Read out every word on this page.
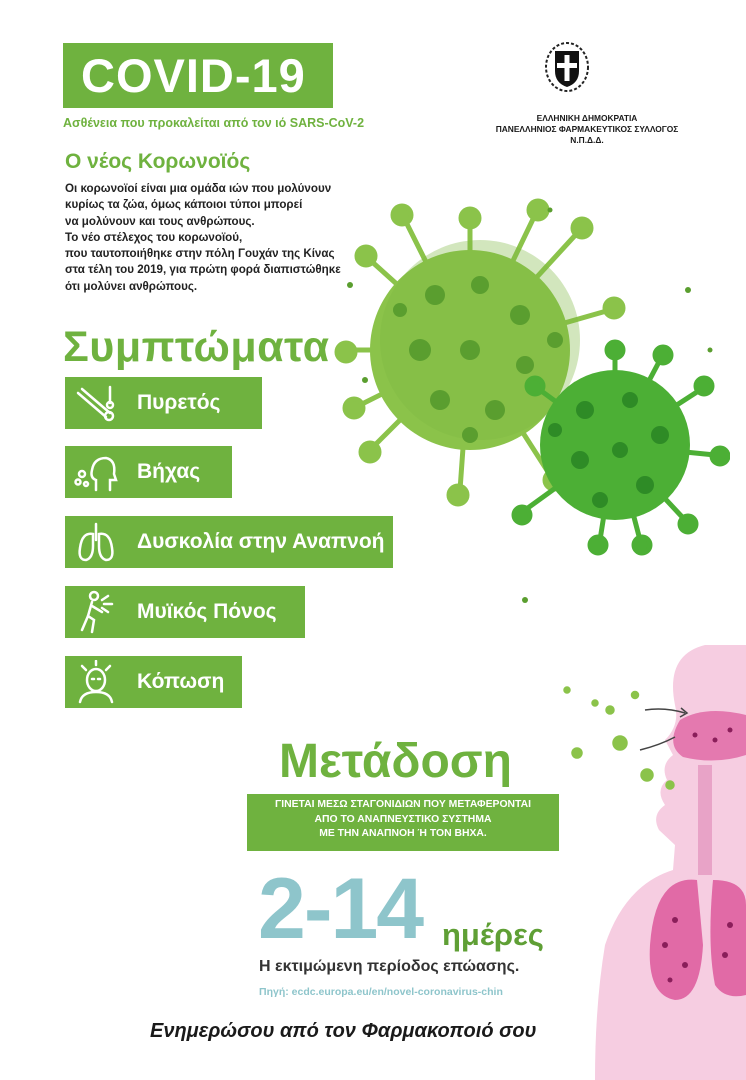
COVID-19
Ασθένεια που προκαλείται από τον ιό SARS-CoV-2	ΕΛΛΗΝΙΚΗ ΔΗΜΟΚΡΑΤΙΑ
ΠΑΝΕΛΛΗΝΙΟΣ ΦΑΡΜΑΚΕΥΤΙΚΟΣ ΣΥΛΛΟΓΟΣ
Ν.Π.Δ.Δ.
Ο νέος Κορωνοϊός
Οι κορωνοϊοί είναι μια ομάδα ιών που μολύνουν
κυρίως τα ζώα, όμως κάποιοι τύποι μπορεί
να μολύνουν και τους ανθρώπους.
Το νέο στέλεχος του κορωνοϊού,
που ταυτοποιήθηκε στην πόλη Γουχάν της Κίνας
στα τέλη του 2019, για πρώτη φορά διαπιστώθηκε
ότι μολύνει ανθρώπους.
Συμπτώματα
Πυρετός
Βήχας
Δυσκολία στην Αναπνοή
Μυϊκός Πόνος
Κόπωση
Μετάδοση
ΓΙΝΕΤΑΙ ΜΕΣΩ ΣΤΑΓΟΝΙΔΙΩΝ ΠΟΥ ΜΕΤΑΦΕΡΟΝΤΑΙ
ΑΠΟ ΤΟ ΑΝΑΠΝΕΥΣΤΙΚΟ ΣΥΣΤΗΜΑ
ΜΕ ΤΗΝ ΑΝΑΠΝΟΗ Ή ΤΟΝ ΒΗΧΑ.
2-14 ημέρες
Η εκτιμώμενη περίοδος επώασης.
Πηγή: ecdc.europa.eu/en/novel-coronavirus-chin
Ενημερώσου από τον Φαρμακοποιό σου
